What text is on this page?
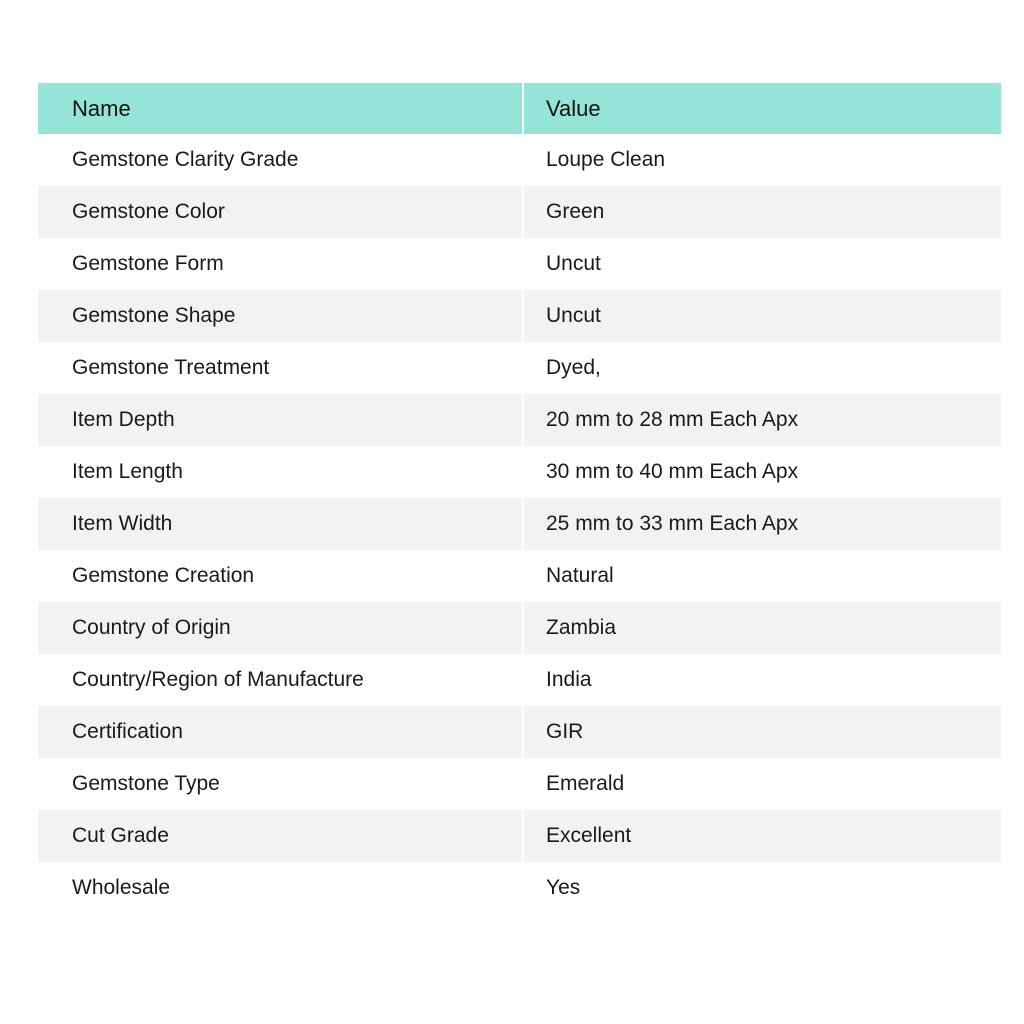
Name	Value
Gemstone Clarity Grade	Loupe Clean
Gemstone Color	Green
Gemstone Form	Uncut
Gemstone Shape	Uncut
Gemstone Treatment	Dyed,
Item Depth	20 mm to 28 mm Each Apx
Item Length	30 mm to 40 mm Each Apx
Item Width	25 mm to 33 mm Each Apx
Gemstone Creation	Natural
Country of Origin	Zambia
Country/Region of Manufacture	India
Certification	GIR
Gemstone Type	Emerald
Cut Grade	Excellent
Wholesale	Yes
